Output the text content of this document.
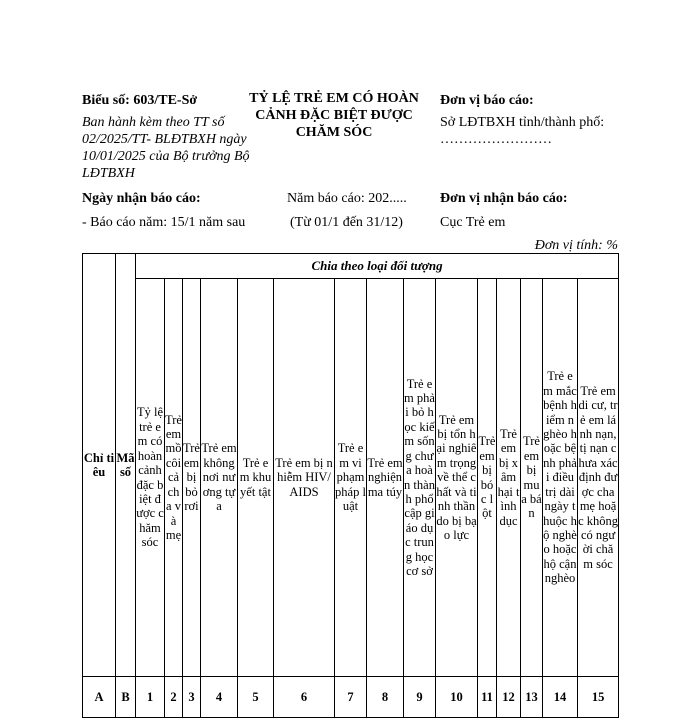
Biểu số: 603/TE-Sở
Ban hành kèm theo TT số 02/2025/TT- BLĐTBXH ngày 10/01/2025 của Bộ trưởng Bộ LĐTBXH
TỶ LỆ TRẺ EM CÓ HOÀN CẢNH ĐẶC BIỆT ĐƯỢC CHĂM SÓC
Đơn vị báo cáo:
Sở LĐTBXH tỉnh/thành phố: ……………………
Ngày nhận báo cáo:
- Báo cáo năm: 15/1 năm sau
Năm báo cáo: 202.....
(Từ 01/1 đến 31/12)
Đơn vị nhận báo cáo:
Cục Trẻ em
Đơn vị tính: %
Chỉ tiêu	Mã số	Chia theo loại đối tượng														
		Tỷ lệ trẻ em có hoàn cảnh đặc biệt được chăm sóc	Trẻ em mồ côi cả cha và mẹ	Trẻ em bị bỏ rơi	Trẻ em không nơi nương tựa	Trẻ em khuyết tật	Trẻ em bị nhiễm HIV/AIDS	Trẻ em vi phạm pháp luật	Trẻ em nghiện ma túy	Trẻ em phải bỏ học kiếm sống chưa hoàn thành phổ cập giáo dục trung học cơ sở	Trẻ em bị tổn hại nghiêm trọng về thể chất và tinh thần do bị bạo lực	Trẻ em bị bóc lột	Trẻ em bị xâm hại tình dục	Trẻ em bị mua bán	Trẻ em mắc bệnh hiểm nghèo hoặc bệnh phải điều trị dài ngày thuộc hộ nghèo hoặc hộ cận nghèo	Trẻ em di cư, trẻ em lánh nạn, tị nạn chưa xác định được cha mẹ hoặc không có người chăm sóc
A	B	1	2	3	4	5	6	7	8	9	10	11	12	13	14	15
